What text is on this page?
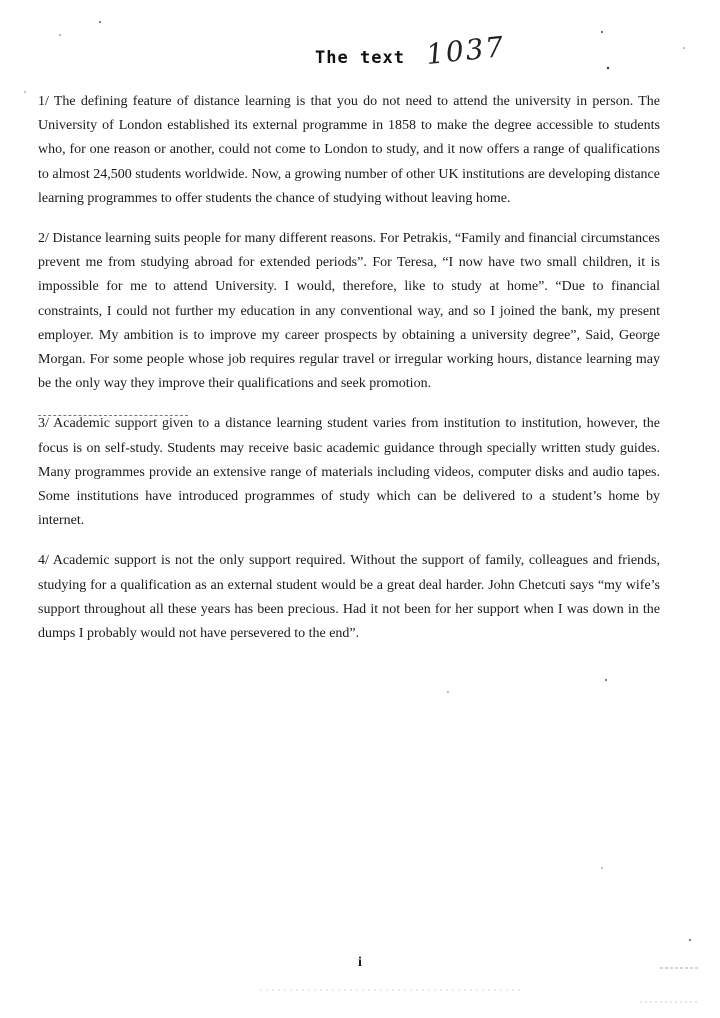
The text 1037

1/ The defining feature of distance learning is that you do not need to attend the university in person. The University of London established its external programme in 1858 to make the degree accessible to students who, for one reason or another, could not come to London to study, and it now offers a range of qualifications to almost 24,500 students worldwide. Now, a growing number of other UK institutions are developing distance learning programmes to offer students the chance of studying without leaving home.

2/ Distance learning suits people for many different reasons. For Petrakis, “Family and financial circumstances prevent me from studying abroad for extended periods”. For Teresa, “I now have two small children, it is impossible for me to attend University. I would, therefore, like to study at home”. “Due to financial constraints, I could not further my education in any conventional way, and so I joined the bank, my present employer. My ambition is to improve my career prospects by obtaining a university degree”, Said, George Morgan. For some people whose job requires regular travel or irregular working hours, distance learning may be the only way they improve their qualifications and seek promotion.

3/ Academic support given to a distance learning student varies from institution to institution, however, the focus is on self-study. Students may receive basic academic guidance through specially written study guides. Many programmes provide an extensive range of materials including videos, computer disks and audio tapes. Some institutions have introduced programmes of study which can be delivered to a student’s home by internet.

4/ Academic support is not the only support required. Without the support of family, colleagues and friends, studying for a qualification as an external student would be a great deal harder. John Chetcuti says “my wife’s support throughout all these years has been precious. Had it not been for her support when I was down in the dumps I probably would not have persevered to the end”.

i
